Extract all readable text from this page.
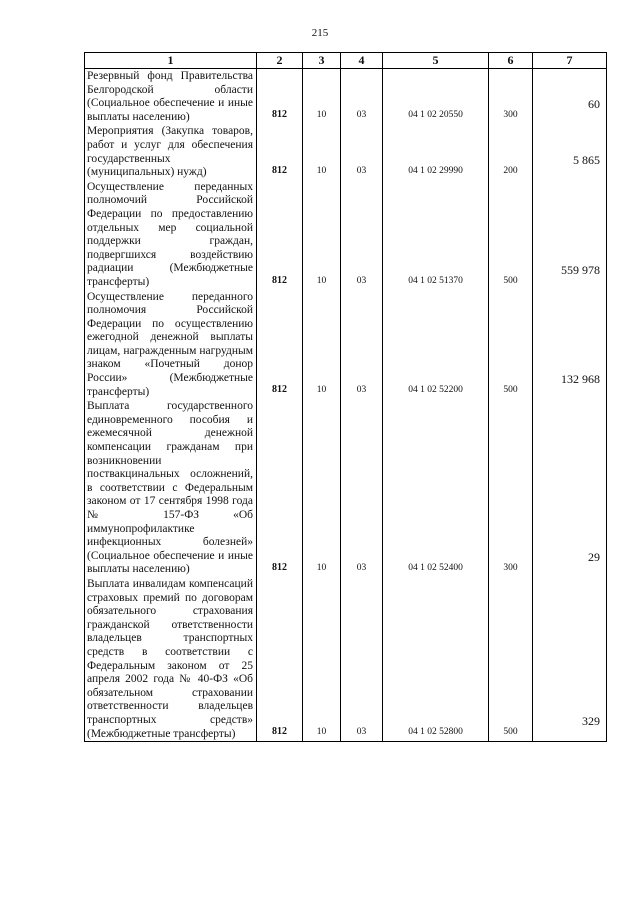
215
1	2	3	4	5	6	7
Резервный фонд Правительства Белгородской области (Социальное обеспечение и иные выплаты населению)	812	10	03	04 1 02 20550	300	60
Мероприятия (Закупка товаров, работ и услуг для обеспечения государственных (муниципальных) нужд)	812	10	03	04 1 02 29990	200	5 865
Осуществление переданных полномочий Российской Федерации по предоставлению отдельных мер социальной поддержки граждан, подвергшихся воздействию радиации (Межбюджетные трансферты)	812	10	03	04 1 02 51370	500	559 978
Осуществление переданного полномочия Российской Федерации по осуществлению ежегодной денежной выплаты лицам, награжденным нагрудным знаком «Почетный донор России» (Межбюджетные трансферты)	812	10	03	04 1 02 52200	500	132 968
Выплата государственного единовременного пособия и ежемесячной денежной компенсации гражданам при возникновении поствакцинальных осложнений, в соответствии с Федеральным законом от 17 сентября 1998 года № 157-ФЗ «Об иммунопрофилактике инфекционных болезней» (Социальное обеспечение и иные выплаты населению)	812	10	03	04 1 02 52400	300	29
Выплата инвалидам компенсаций страховых премий по договорам обязательного страхования гражданской ответственности владельцев транспортных средств в соответствии с Федеральным законом от 25 апреля 2002 года № 40-ФЗ «Об обязательном страховании ответственности владельцев транспортных средств» (Межбюджетные трансферты)	812	10	03	04 1 02 52800	500	329
